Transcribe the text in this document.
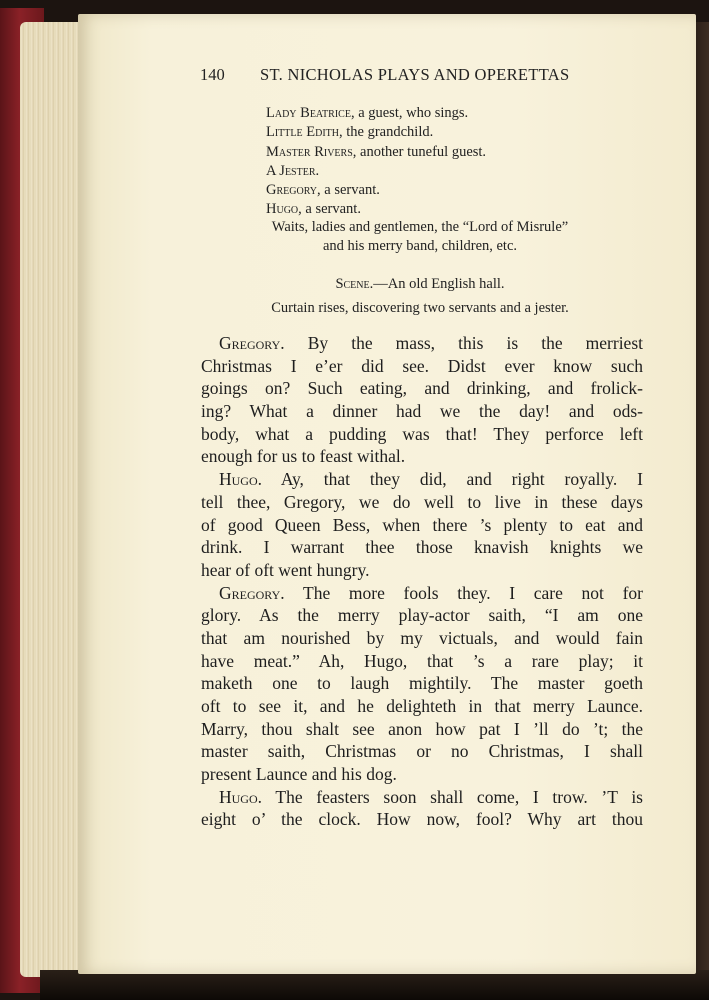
140 ST. NICHOLAS PLAYS AND OPERETTAS
Lady Beatrice, a guest, who sings.
Little Edith, the grandchild.
Master Rivers, another tuneful guest.
A Jester.
Gregory, a servant.
Hugo, a servant.
Waits, ladies and gentlemen, the “Lord of Misrule”
and his merry band, children, etc.
Scene.—An old English hall.
Curtain rises, discovering two servants and a jester.
Gregory. By the mass, this is the merriest
Christmas I e’er did see. Didst ever know such
goings on? Such eating, and drinking, and frolick-
ing? What a dinner had we the day! and ods-
body, what a pudding was that! They perforce left
enough for us to feast withal.
Hugo. Ay, that they did, and right royally. I
tell thee, Gregory, we do well to live in these days
of good Queen Bess, when there ’s plenty to eat and
drink. I warrant thee those knavish knights we
hear of oft went hungry.
Gregory. The more fools they. I care not for
glory. As the merry play-actor saith, “I am one
that am nourished by my victuals, and would fain
have meat.” Ah, Hugo, that ’s a rare play; it
maketh one to laugh mightily. The master goeth
oft to see it, and he delighteth in that merry Launce.
Marry, thou shalt see anon how pat I ’ll do ’t; the
master saith, Christmas or no Christmas, I shall
present Launce and his dog.
Hugo. The feasters soon shall come, I trow. ’T is
eight o’ the clock. How now, fool? Why art thou
